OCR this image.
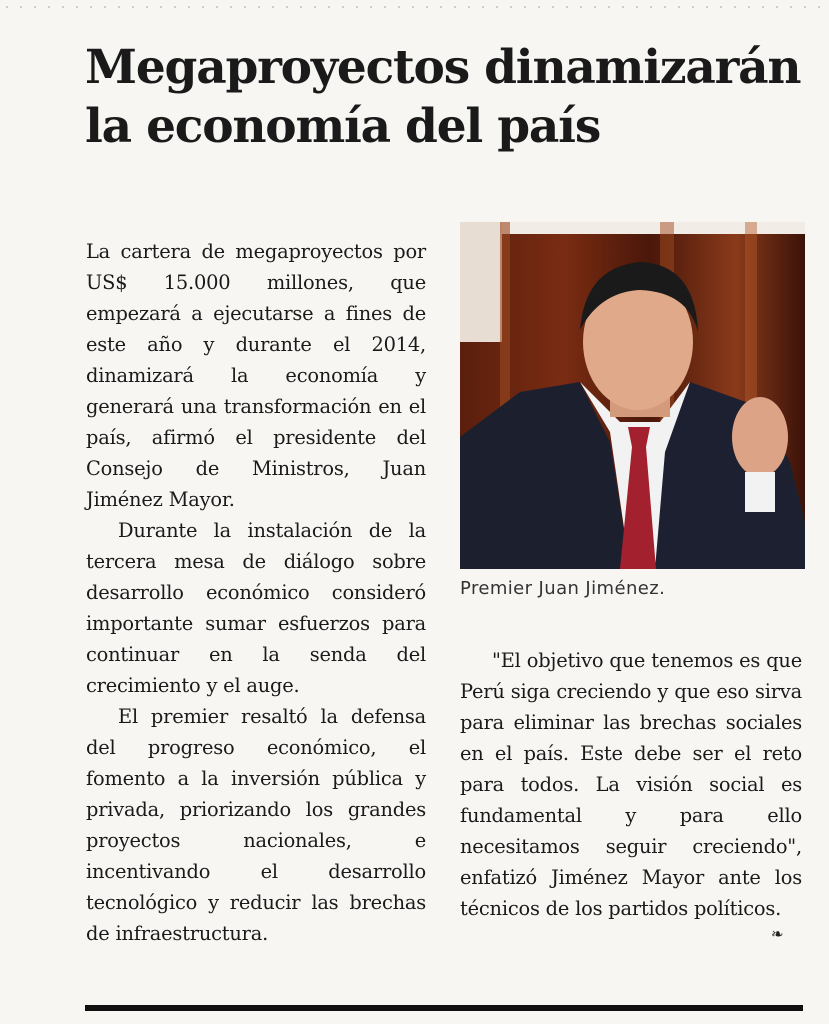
Megaproyectos dinamizarán la economía del país

La cartera de megaproyectos por US$ 15.000 millones, que empezará a ejecutarse a fines de este año y durante el 2014, dinamizará la economía y generará una transformación en el país, afirmó el presidente del Consejo de Ministros, Juan Jiménez Mayor.

Durante la instalación de la tercera mesa de diálogo sobre desarrollo económico consideró importante sumar esfuerzos para continuar en la senda del crecimiento y el auge.

El premier resaltó la defensa del progreso económico, el fomento a la inversión pública y privada, priorizando los grandes proyectos nacionales, e incentivando el desarrollo tecnológico y reducir las brechas de infraestructura.

Premier Juan Jiménez.

"El objetivo que tenemos es que Perú siga creciendo y que eso sirva para eliminar las brechas sociales en el país. Este debe ser el reto para todos. La visión social es fundamental y para ello necesitamos seguir creciendo", enfatizó Jiménez Mayor ante los técnicos de los partidos políticos.

❧
